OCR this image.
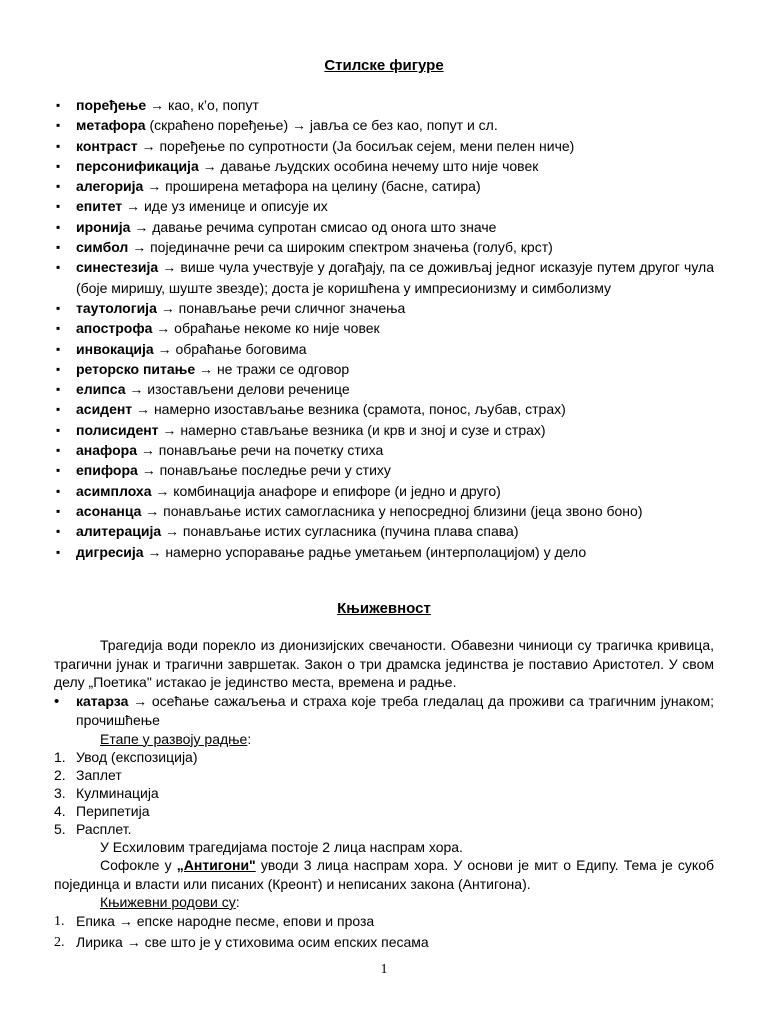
Стилске фигуре
▪ поређење → као, к’о, попут
▪ метафора (скраћено поређење) → јавља се без као, попут и сл.
▪ контраст → поређење по супротности (Ја босиљак сејем, мени пелен ниче)
▪ персонификација → давање људских особина нечему што није човек
▪ алегорија → проширена метафора на целину (басне, сатира)
▪ епитет → иде уз именице и описује их
▪ иронија → давање речима супротан смисао од онога што значе
▪ симбол → појединачне речи са широким спектром значења (голуб, крст)
▪ синестезија → више чула учествује у догађају, па се доживљај једног исказује путем другог чула (боје миришу, шуште звезде); доста је коришћена у импресионизму и симболизму
▪ таутологија → понављање речи сличног значења
▪ апострофа → обраћање некоме ко није човек
▪ инвокација → обраћање боговима
▪ реторско питање → не тражи се одговор
▪ елипса → изостављени делови реченице
▪ асидент → намерно изостављање везника (срамота, понос, љубав, страх)
▪ полисидент → намерно стављање везника (и крв и зној и сузе и страх)
▪ анафора → понављање речи на почетку стиха
▪ епифора → понављање последње речи у стиху
▪ асимплоха → комбинација анафоре и епифоре (и једно и друго)
▪ асонанца → понављање истих самогласника у непосредној близини (јеца звоно боно)
▪ алитерација → понављање истих сугласника (пучина плава спава)
▪ дигресија → намерно успоравање радње уметањем (интерполацијом) у дело
Књижевност

Трагедија води порекло из дионизијских свечаности. Обавезни чиниоци су трагичка кривица, трагични јунак и трагични завршетак. Закон о три драмска јединства је поставио Аристотел. У свом делу „Поетика" истакао је јединство места, времена и радње.

• катарза → осећање сажаљења и страха које треба гледалац да проживи са трагичним јунаком; прочишћење

Етапе у развоју радње:

1. Увод (експозиција)
2. Заплет
3. Кулминација
4. Перипетија
5. Расплет.

У Есхиловим трагедијама постоје 2 лица наспрам хора.

Софокле у „Антигони" уводи 3 лица наспрам хора. У основи је мит о Едипу. Тема је сукоб појединца и власти или писаних (Креонт) и неписаних закона (Антигона).

Књижевни родови су:

1. Епика → епске народне песме, епови и проза
2. Лирика → све што је у стиховима осим епских песама
1
